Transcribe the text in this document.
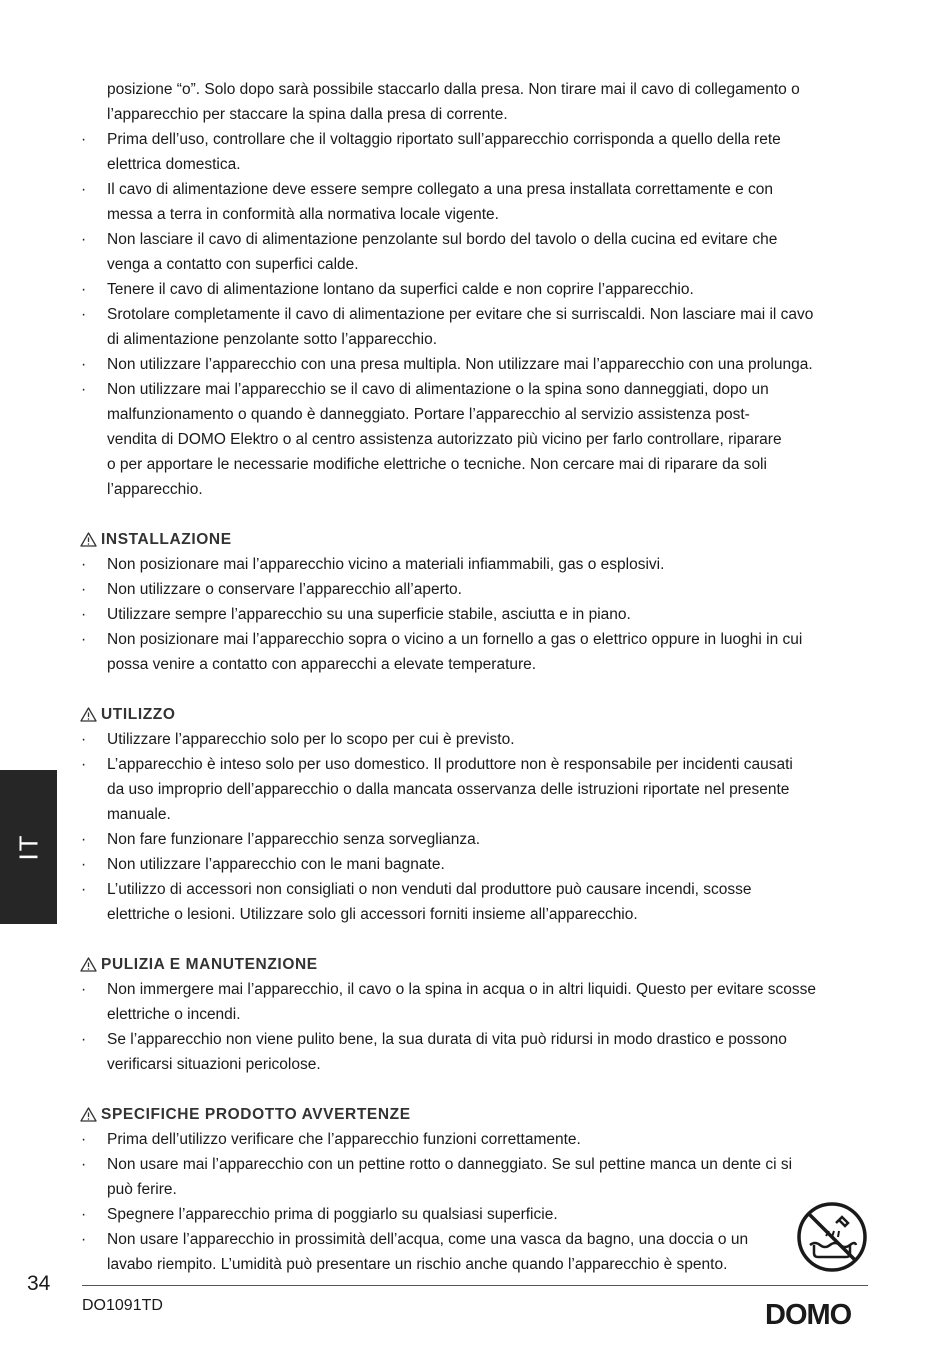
posizione “o”. Solo dopo sarà possibile staccarlo dalla presa. Non tirare mai il cavo di collegamento o
l’apparecchio per staccare la spina dalla presa di corrente.

· Prima dell’uso, controllare che il voltaggio riportato sull’apparecchio corrisponda a quello della rete
elettrica domestica.
· Il cavo di alimentazione deve essere sempre collegato a una presa installata correttamente e con
messa a terra in conformità alla normativa locale vigente.
· Non lasciare il cavo di alimentazione penzolante sul bordo del tavolo o della cucina ed evitare che
venga a contatto con superfici calde.
· Tenere il cavo di alimentazione lontano da superfici calde e non coprire l’apparecchio.
· Srotolare completamente il cavo di alimentazione per evitare che si surriscaldi. Non lasciare mai il cavo
di alimentazione penzolante sotto l’apparecchio.
· Non utilizzare l’apparecchio con una presa multipla. Non utilizzare mai l’apparecchio con una prolunga.
· Non utilizzare mai l’apparecchio se il cavo di alimentazione o la spina sono danneggiati, dopo un
malfunzionamento o quando è danneggiato. Portare l’apparecchio al servizio assistenza post-
vendita di DOMO Elektro o al centro assistenza autorizzato più vicino per farlo controllare, riparare
o per apportare le necessarie modifiche elettriche o tecniche. Non cercare mai di riparare da soli
l’apparecchio.
INSTALLAZIONE
· Non posizionare mai l’apparecchio vicino a materiali infiammabili, gas o esplosivi.
· Non utilizzare o conservare l’apparecchio all’aperto.
· Utilizzare sempre l’apparecchio su una superficie stabile, asciutta e in piano.
· Non posizionare mai l’apparecchio sopra o vicino a un fornello a gas o elettrico oppure in luoghi in cui
possa venire a contatto con apparecchi a elevate temperature.
UTILIZZO
· Utilizzare l’apparecchio solo per lo scopo per cui è previsto.
· L’apparecchio è inteso solo per uso domestico. Il produttore non è responsabile per incidenti causati
da uso improprio dell’apparecchio o dalla mancata osservanza delle istruzioni riportate nel presente
manuale.
· Non fare funzionare l’apparecchio senza sorveglianza.
· Non utilizzare l’apparecchio con le mani bagnate.
· L’utilizzo di accessori non consigliati o non venduti dal produttore può causare incendi, scosse
elettriche o lesioni. Utilizzare solo gli accessori forniti insieme all’apparecchio.
PULIZIA E MANUTENZIONE
· Non immergere mai l’apparecchio, il cavo o la spina in acqua o in altri liquidi. Questo per evitare scosse
elettriche o incendi.
· Se l’apparecchio non viene pulito bene, la sua durata di vita può ridursi in modo drastico e possono
verificarsi situazioni pericolose.
SPECIFICHE PRODOTTO AVVERTENZE
· Prima dell’utilizzo verificare che l’apparecchio funzioni correttamente.
· Non usare mai l’apparecchio con un pettine rotto o danneggiato. Se sul pettine manca un dente ci si
può ferire.
· Spegnere l’apparecchio prima di poggiarlo su qualsiasi superficie.
· Non usare l’apparecchio in prossimità dell’acqua, come una vasca da bagno, una doccia o un
lavabo riempito. L’umidità può presentare un rischio anche quando l’apparecchio è spento.
IT
34
DO1091TD	DOMO
